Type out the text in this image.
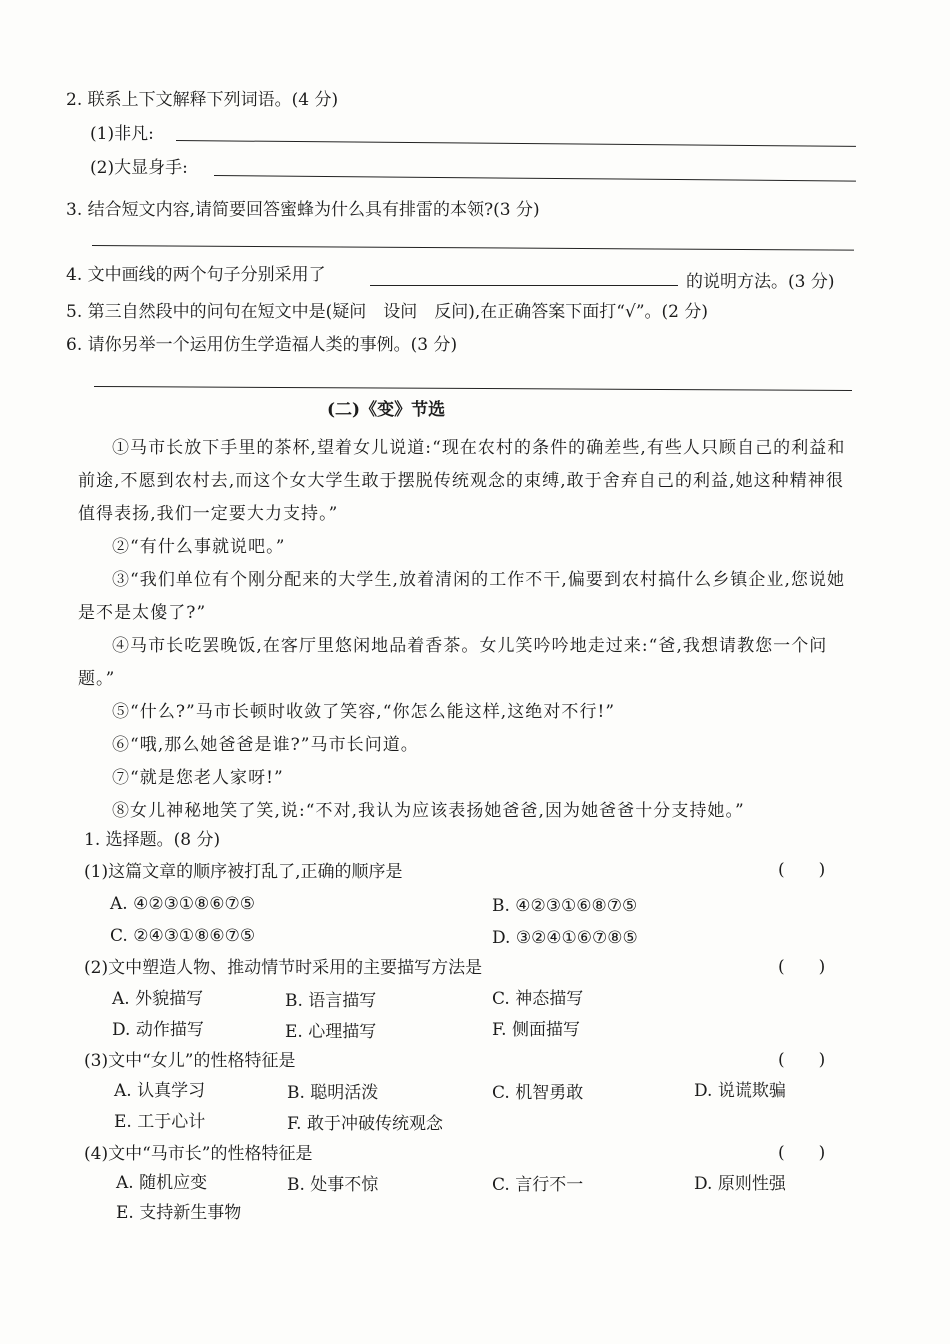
2. 联系上下文解释下列词语。(4 分)
(1)非凡:
(2)大显身手:
3. 结合短文内容,请简要回答蜜蜂为什么具有排雷的本领?(3 分)
4. 文中画线的两个句子分别采用了	的说明方法。(3 分)
5. 第三自然段中的问句在短文中是(疑问　设问　反问),在正确答案下面打“√”。(2 分)
6. 请你另举一个运用仿生学造福人类的事例。(3 分)
(二)《变》节选

①马市长放下手里的茶杯,望着女儿说道:“现在农村的条件的确差些,有些人只顾自己的利益和前途,不愿到农村去,而这个女大学生敢于摆脱传统观念的束缚,敢于舍弃自己的利益,她这种精神很值得表扬,我们一定要大力支持。”

②“有什么事就说吧。”

③“我们单位有个刚分配来的大学生,放着清闲的工作不干,偏要到农村搞什么乡镇企业,您说她是不是太傻了?”

④马市长吃罢晚饭,在客厅里悠闲地品着香茶。女儿笑吟吟地走过来:“爸,我想请教您一个问题。”

⑤“什么?”马市长顿时收敛了笑容,“你怎么能这样,这绝对不行!”

⑥“哦,那么她爸爸是谁?”马市长问道。

⑦“就是您老人家呀!”

⑧女儿神秘地笑了笑,说:“不对,我认为应该表扬她爸爸,因为她爸爸十分支持她。”

1. 选择题。(8 分)
(1)这篇文章的顺序被打乱了,正确的顺序是	(　　)
A. ④②③①⑧⑥⑦⑤	B. ④②③①⑥⑧⑦⑤
C. ②④③①⑧⑥⑦⑤	D. ③②④①⑥⑦⑧⑤
(2)文中塑造人物、推动情节时采用的主要描写方法是	(　　)
A. 外貌描写	B. 语言描写	C. 神态描写
D. 动作描写	E. 心理描写	F. 侧面描写
(3)文中“女儿”的性格特征是	(　　)
A. 认真学习	B. 聪明活泼	C. 机智勇敢	D. 说谎欺骗
E. 工于心计	F. 敢于冲破传统观念
(4)文中“马市长”的性格特征是	(　　)
A. 随机应变	B. 处事不惊	C. 言行不一	D. 原则性强
E. 支持新生事物
